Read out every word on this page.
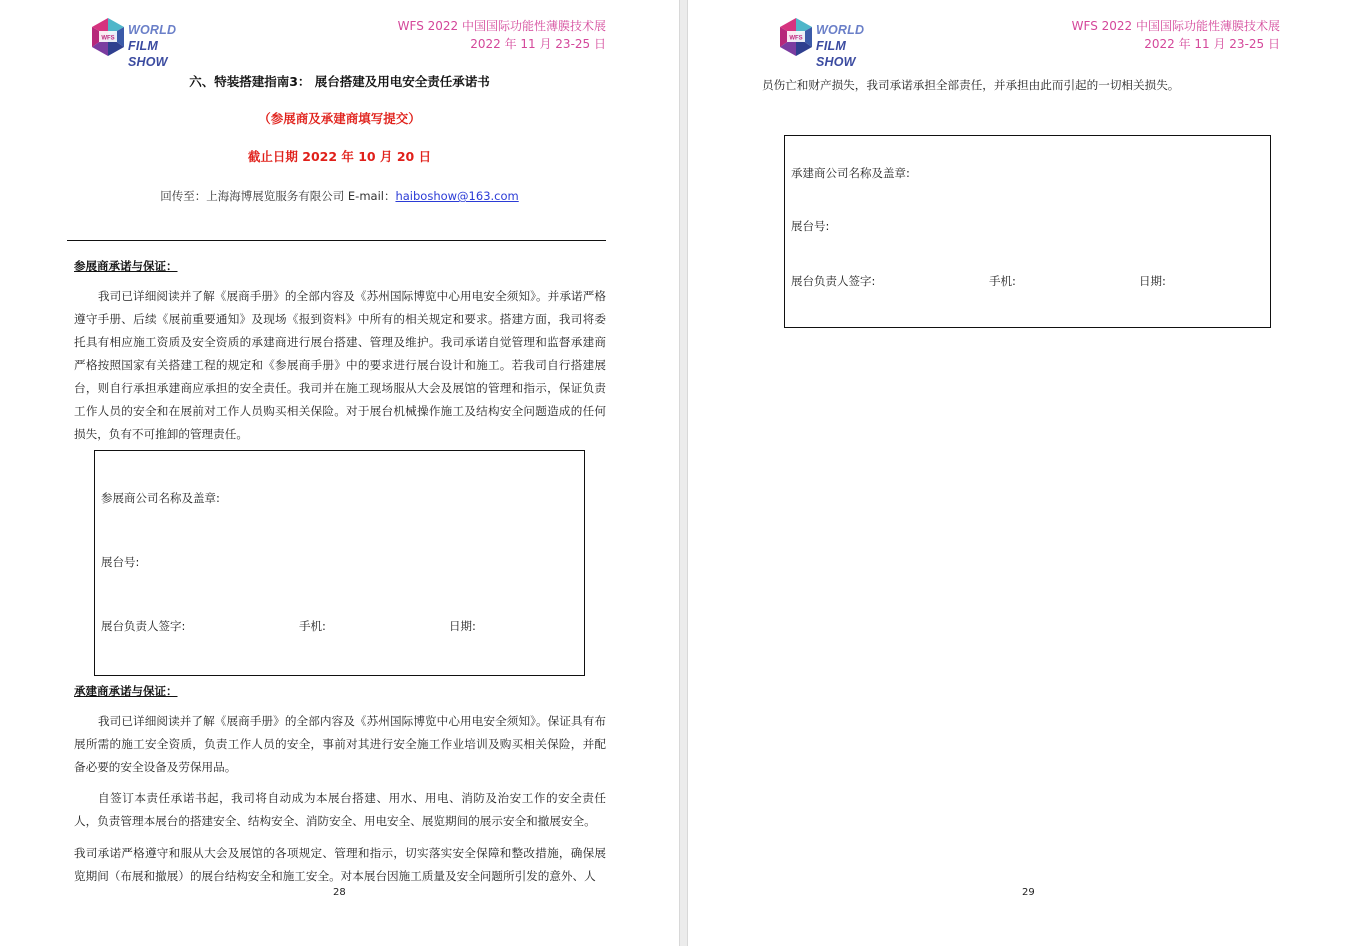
WFS
WORLD
FILM SHOW
WFS 2022 中国国际功能性薄膜技术展
2022 年 11 月 23-25 日
六、特装搭建指南3： 展台搭建及用电安全责任承诺书
（参展商及承建商填写提交）
截止日期 2022 年 10 月 20 日
回传至：上海海博展览服务有限公司 E-mail：haiboshow@163.com
参展商承诺与保证：
我司已详细阅读并了解《展商手册》的全部内容及《苏州国际博览中心用电安全须知》。并承诺严格遵守手册、后续《展前重要通知》及现场《报到资料》中所有的相关规定和要求。搭建方面，我司将委托具有相应施工资质及安全资质的承建商进行展台搭建、管理及维护。我司承诺自觉管理和监督承建商严格按照国家有关搭建工程的规定和《参展商手册》中的要求进行展台设计和施工。若我司自行搭建展台，则自行承担承建商应承担的安全责任。我司并在施工现场服从大会及展馆的管理和指示，保证负责工作人员的安全和在展前对工作人员购买相关保险。对于展台机械操作施工及结构安全问题造成的任何损失，负有不可推卸的管理责任。
参展商公司名称及盖章:
展台号:
展台负责人签字:	手机:	日期:
承建商承诺与保证：
我司已详细阅读并了解《展商手册》的全部内容及《苏州国际博览中心用电安全须知》。保证具有布展所需的施工安全资质，负责工作人员的安全，事前对其进行安全施工作业培训及购买相关保险，并配备必要的安全设备及劳保用品。
自签订本责任承诺书起，我司将自动成为本展台搭建、用水、用电、消防及治安工作的安全责任人，负责管理本展台的搭建安全、结构安全、消防安全、用电安全、展览期间的展示安全和撤展安全。
我司承诺严格遵守和服从大会及展馆的各项规定、管理和指示，切实落实安全保障和整改措施，确保展览期间（布展和撤展）的展台结构安全和施工安全。对本展台因施工质量及安全问题所引发的意外、人
28
WFS
WORLD
FILM SHOW
WFS 2022 中国国际功能性薄膜技术展
2022 年 11 月 23-25 日
员伤亡和财产损失，我司承诺承担全部责任，并承担由此而引起的一切相关损失。
承建商公司名称及盖章:
展台号:
展台负责人签字:	手机:	日期:
29
